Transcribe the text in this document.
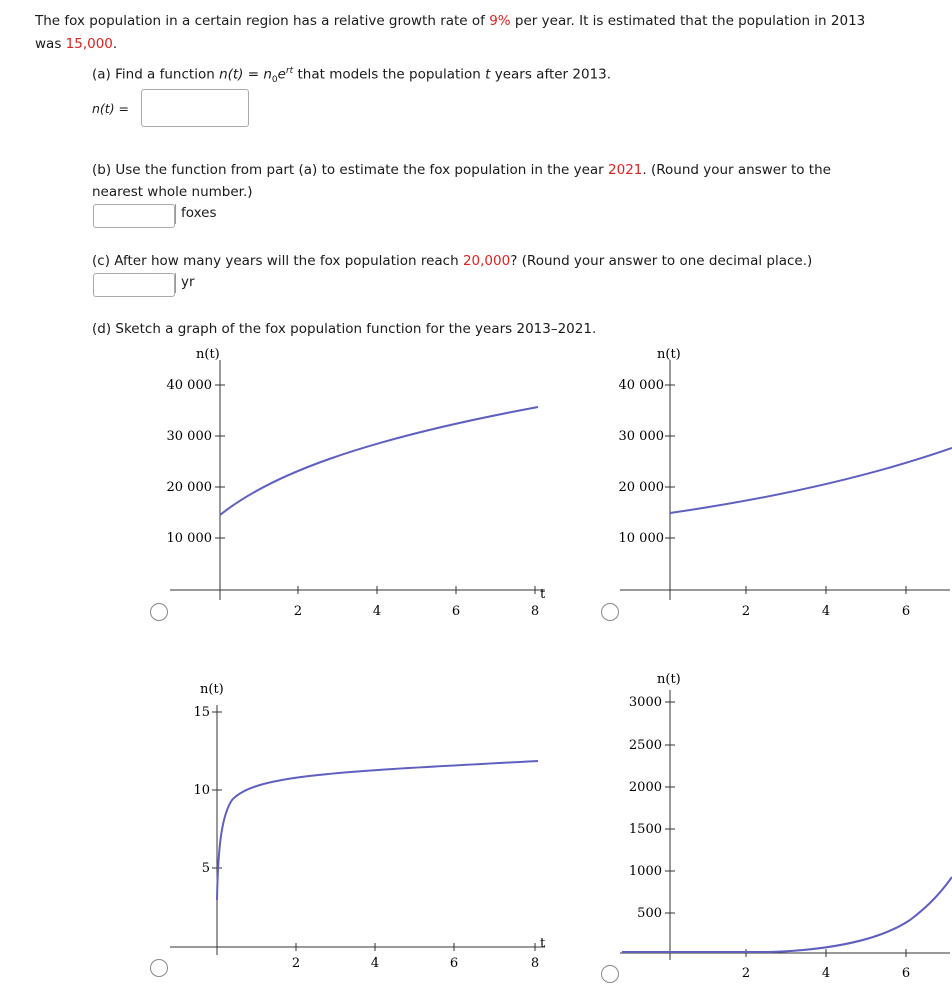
The fox population in a certain region has a relative growth rate of 9% per year. It is estimated that the population in 2013
was 15,000.
(a) Find a function $n(t) = n_0e^{rt}$ that models the population t years after 2013.
n(t) =
(b) Use the function from part (a) to estimate the fox population in the year 2021. (Round your answer to the
nearest whole number.)
foxes
(c) After how many years will the fox population reach 20,000? (Round your answer to one decimal place.)
yr
(d) Sketch a graph of the fox population function for the years 2013–2021.
n(t)
t
40 000
30 000
20 000
10 000
2	4	6	8
n(t)
40 000
30 000
20 000
10 000
2	4	6
n(t)
t
15
10
5
2	4	6	8
n(t)
3000
2500
2000
1500
1000
500
2	4	6
